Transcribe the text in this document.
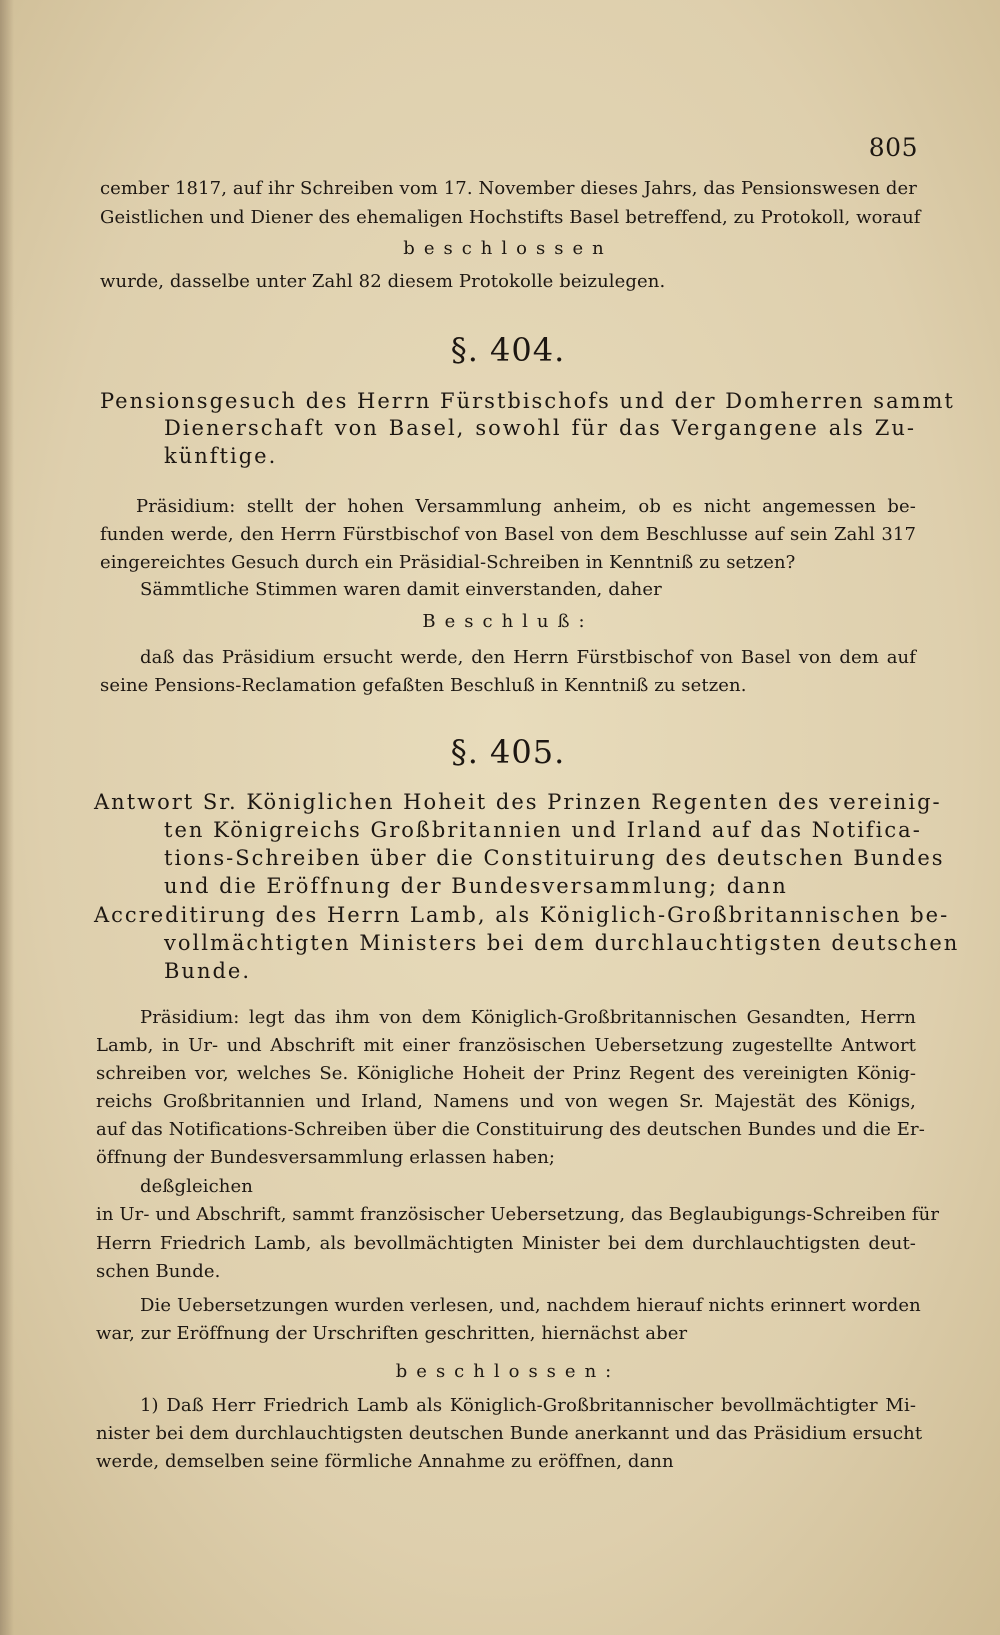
805
cember 1817, auf ihr Schreiben vom 17. November dieses Jahrs, das Pensionswesen der
Geistlichen und Diener des ehemaligen Hochstifts Basel betreffend, zu Protokoll, worauf
beschlossen
wurde, dasselbe unter Zahl 82 diesem Protokolle beizulegen.
§. 404.
Pensionsgesuch des Herrn Fürstbischofs und der Domherren sammt
Dienerschaft von Basel, sowohl für das Vergangene als Zu-
künftige.
Präsidium: stellt der hohen Versammlung anheim, ob es nicht angemessen be-
funden werde, den Herrn Fürstbischof von Basel von dem Beschlusse auf sein Zahl 317
eingereichtes Gesuch durch ein Präsidial-Schreiben in Kenntniß zu setzen?
Sämmtliche Stimmen waren damit einverstanden, daher
Beschluß:
daß das Präsidium ersucht werde, den Herrn Fürstbischof von Basel von dem auf
seine Pensions-Reclamation gefaßten Beschluß in Kenntniß zu setzen.
§. 405.
Antwort Sr. Königlichen Hoheit des Prinzen Regenten des vereinig-
ten Königreichs Großbritannien und Irland auf das Notifica-
tions-Schreiben über die Constituirung des deutschen Bundes
und die Eröffnung der Bundesversammlung; dann
Accreditirung des Herrn Lamb, als Königlich-Großbritannischen be-
vollmächtigten Ministers bei dem durchlauchtigsten deutschen
Bunde.
Präsidium: legt das ihm von dem Königlich-Großbritannischen Gesandten, Herrn
Lamb, in Ur- und Abschrift mit einer französischen Uebersetzung zugestellte Antwort
schreiben vor, welches Se. Königliche Hoheit der Prinz Regent des vereinigten König-
reichs Großbritannien und Irland, Namens und von wegen Sr. Majestät des Königs,
auf das Notifications-Schreiben über die Constituirung des deutschen Bundes und die Er-
öffnung der Bundesversammlung erlassen haben;
deßgleichen
in Ur- und Abschrift, sammt französischer Uebersetzung, das Beglaubigungs-Schreiben für
Herrn Friedrich Lamb, als bevollmächtigten Minister bei dem durchlauchtigsten deut-
schen Bunde.
Die Uebersetzungen wurden verlesen, und, nachdem hierauf nichts erinnert worden
war, zur Eröffnung der Urschriften geschritten, hiernächst aber
beschlossen:
1) Daß Herr Friedrich Lamb als Königlich-Großbritannischer bevollmächtigter Mi-
nister bei dem durchlauchtigsten deutschen Bunde anerkannt und das Präsidium ersucht
werde, demselben seine förmliche Annahme zu eröffnen, dann
